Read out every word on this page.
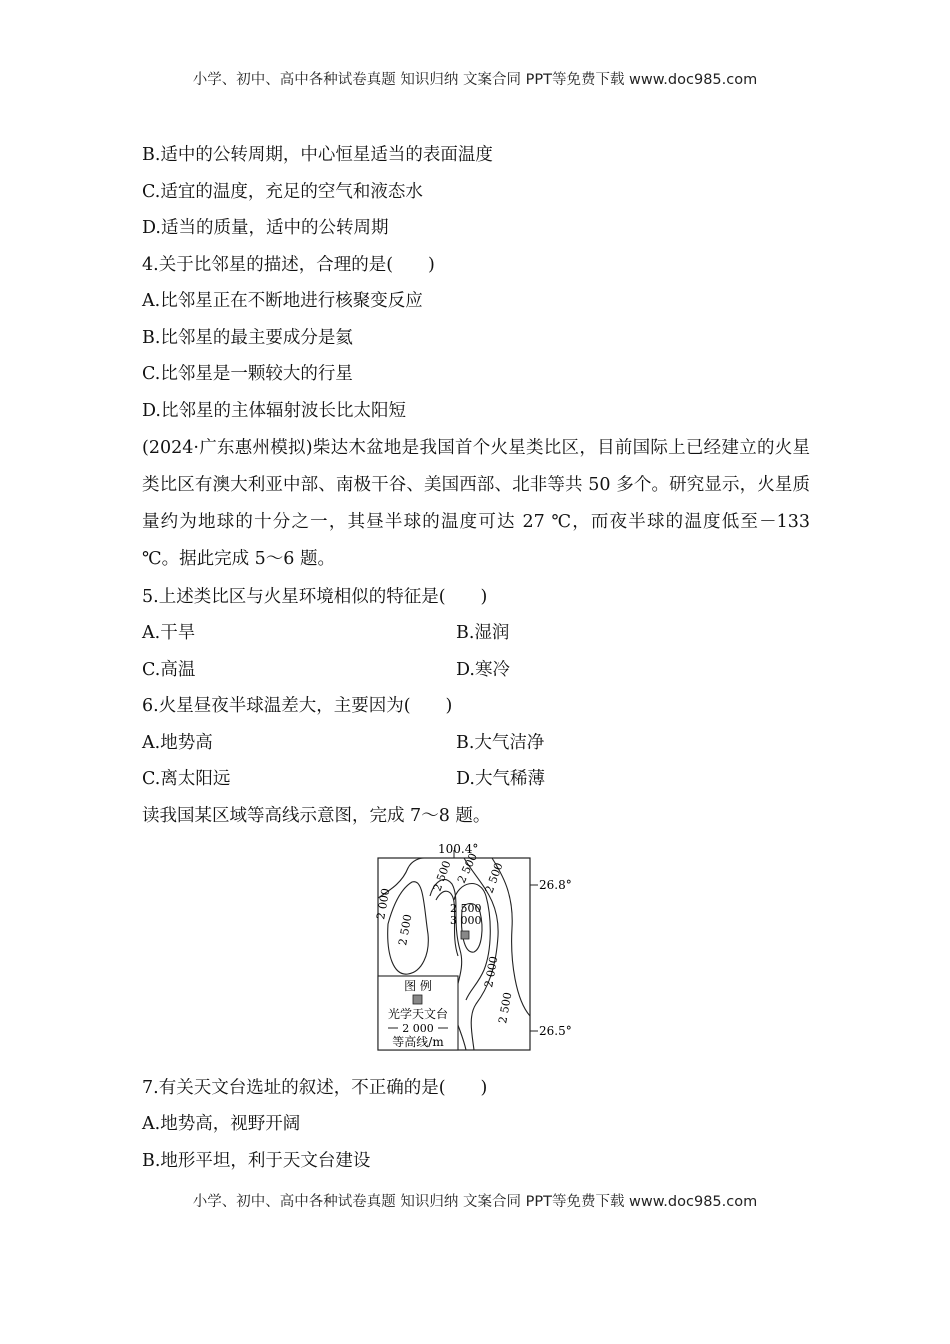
小学、初中、高中各种试卷真题 知识归纳 文案合同 PPT等免费下载 www.doc985.com
B.适中的公转周期，中心恒星适当的表面温度
C.适宜的温度，充足的空气和液态水
D.适当的质量，适中的公转周期
4.关于比邻星的描述，合理的是(　　)
A.比邻星正在不断地进行核聚变反应
B.比邻星的最主要成分是氦
C.比邻星是一颗较大的行星
D.比邻星的主体辐射波长比太阳短
(2024·广东惠州模拟)柴达木盆地是我国首个火星类比区，目前国际上已经建立的火星类比区有澳大利亚中部、南极干谷、美国西部、北非等共 50 多个。研究显示，火星质量约为地球的十分之一，其昼半球的温度可达 27 ℃，而夜半球的温度低至－133 ℃。据此完成 5～6 题。
5.上述类比区与火星环境相似的特征是(　　)
A.干旱	B.湿润
C.高温	D.寒冷
6.火星昼夜半球温差大，主要因为(　　)
A.地势高	B.大气洁净
C.离太阳远	D.大气稀薄
读我国某区域等高线示意图，完成 7～8 题。
100.4°
26.8°
26.5°
2 000
2 500
2 500 2 500
2 500
3 000
2 000
2 500
2 500
图 例
光学天文台
2 000
等高线/m
7.有关天文台选址的叙述，不正确的是(　　)
A.地势高，视野开阔
B.地形平坦，利于天文台建设
小学、初中、高中各种试卷真题 知识归纳 文案合同 PPT等免费下载 www.doc985.com
